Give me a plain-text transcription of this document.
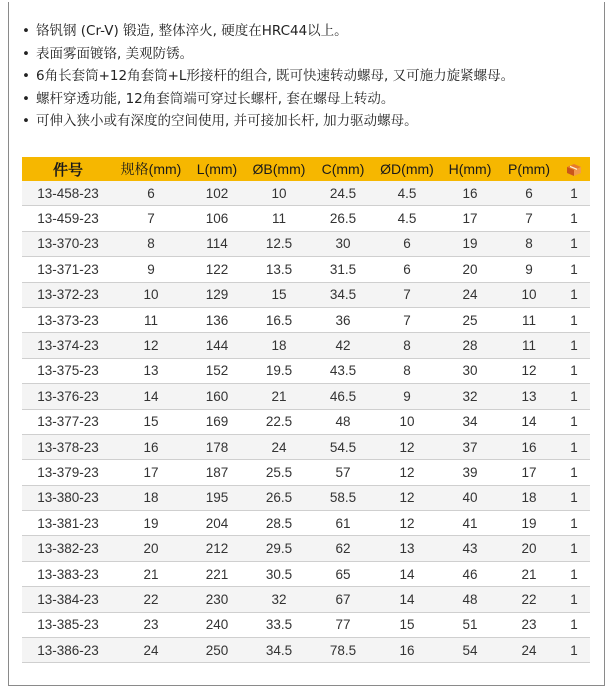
• 铬钒钢 (Cr-V) 锻造, 整体淬火, 硬度在HRC44以上。
• 表面雾面镀铬, 美观防锈。
• 6角长套筒+12角套筒+L形接杆的组合, 既可快速转动螺母, 又可施力旋紧螺母。
• 螺杆穿透功能, 12角套筒端可穿过长螺杆, 套在螺母上转动。
• 可伸入狭小或有深度的空间使用, 并可接加长杆, 加力驱动螺母。
件号	规格(mm)	L(mm)	ØB(mm)	C(mm)	ØD(mm)	H(mm)	P(mm)	
13-458-23	6	102	10	24.5	4.5	16	6	1
13-459-23	7	106	11	26.5	4.5	17	7	1
13-370-23	8	114	12.5	30	6	19	8	1
13-371-23	9	122	13.5	31.5	6	20	9	1
13-372-23	10	129	15	34.5	7	24	10	1
13-373-23	11	136	16.5	36	7	25	11	1
13-374-23	12	144	18	42	8	28	11	1
13-375-23	13	152	19.5	43.5	8	30	12	1
13-376-23	14	160	21	46.5	9	32	13	1
13-377-23	15	169	22.5	48	10	34	14	1
13-378-23	16	178	24	54.5	12	37	16	1
13-379-23	17	187	25.5	57	12	39	17	1
13-380-23	18	195	26.5	58.5	12	40	18	1
13-381-23	19	204	28.5	61	12	41	19	1
13-382-23	20	212	29.5	62	13	43	20	1
13-383-23	21	221	30.5	65	14	46	21	1
13-384-23	22	230	32	67	14	48	22	1
13-385-23	23	240	33.5	77	15	51	23	1
13-386-23	24	250	34.5	78.5	16	54	24	1
